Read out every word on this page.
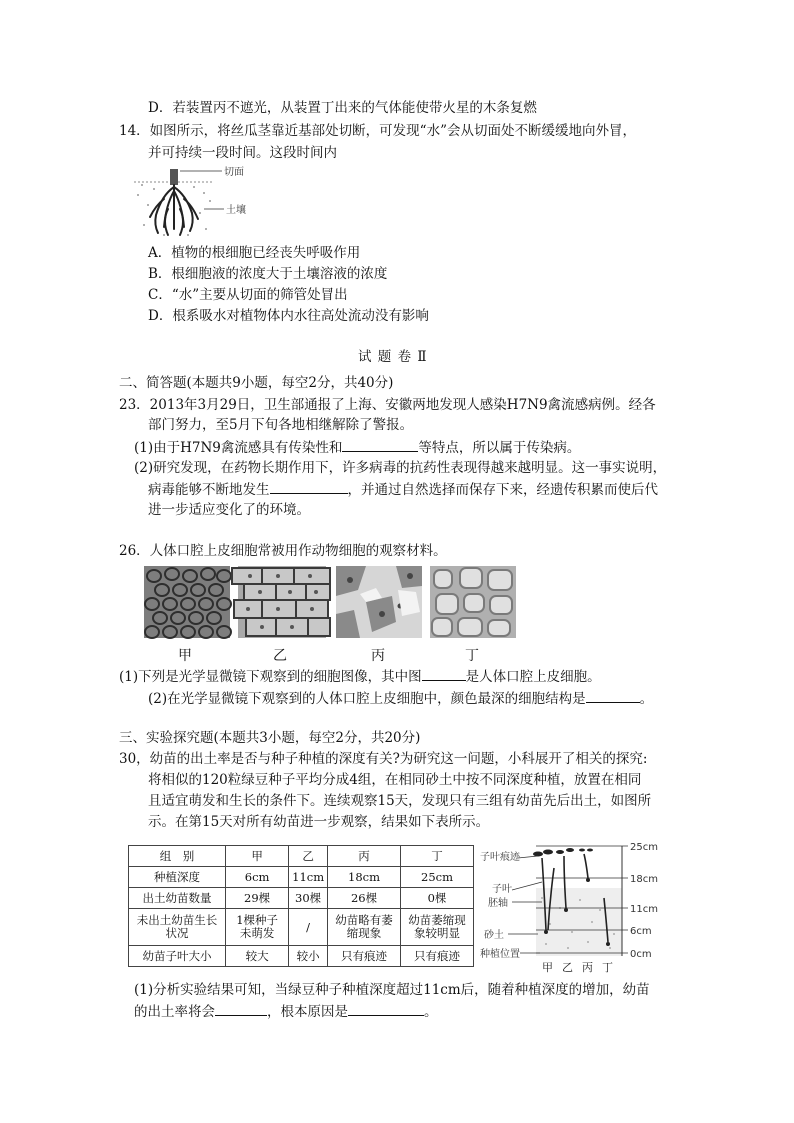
D．若装置丙不遮光，从装置丁出来的气体能使带火星的木条复燃
14．如图所示，将丝瓜茎靠近基部处切断，可发现“水”会从切面处不断缓缓地向外冒，
并可持续一段时间。这段时间内
切面
土壤
A．植物的根细胞已经丧失呼吸作用
B．根细胞液的浓度大于土壤溶液的浓度
C．“水”主要从切面的筛管处冒出
D．根系吸水对植物体内水往高处流动没有影响
试 题 卷 Ⅱ
二、简答题(本题共9小题，每空2分，共40分)
23．2013年3月29日，卫生部通报了上海、安徽两地发现人感染H7N9禽流感病例。经各
部门努力，至5月下旬各地相继解除了警报。
(1)由于H7N9禽流感具有传染性和	等特点，所以属于传染病。
(2)研究发现，在药物长期作用下，许多病毒的抗药性表现得越来越明显。这一事实说明，
病毒能够不断地发生	，并通过自然选择而保存下来，经遗传积累而使后代
进一步适应变化了的环境。
26．人体口腔上皮细胞常被用作动物细胞的观察材料。
甲	乙	丙	丁
(1)下列是光学显微镜下观察到的细胞图像，其中图	是人体口腔上皮细胞。
(2)在光学显微镜下观察到的人体口腔上皮细胞中，颜色最深的细胞结构是	。
三、实验探究题(本题共3小题，每空2分，共20分)
30，幼苗的出土率是否与种子种植的深度有关?为研究这一问题，小科展开了相关的探究:
将相似的120粒绿豆种子平均分成4组，在相同砂土中按不同深度种植，放置在相同
且适宜萌发和生长的条件下。连续观察15天，发现只有三组有幼苗先后出土，如图所
示。在第15天对所有幼苗进一步观察，结果如下表所示。
组　别	甲	乙	丙	丁
种植深度	6cm	11cm	18cm	25cm
出土幼苗数量	29棵	30棵	26棵	0棵
未出土幼苗生长状况	1棵种子未萌发	/	幼苗略有萎缩现象	幼苗萎缩现象较明显
幼苗子叶大小	较大	较小	只有痕迹	只有痕迹
25cm
18cm
11cm
6cm
0cm
子叶痕迹
子叶
胚轴
砂土
种植位置
甲 乙 丙 丁
(1)分析实验结果可知，当绿豆种子种植深度超过11cm后，随着种植深度的增加，幼苗
的出土率将会	，根本原因是	。
